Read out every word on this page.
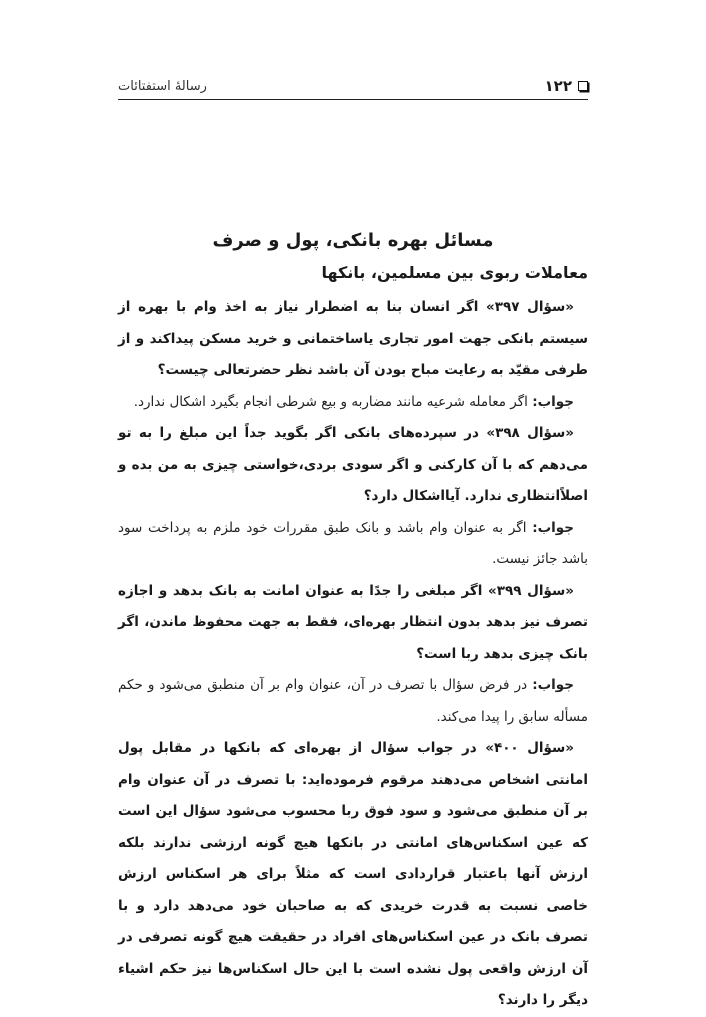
رسالهٔ استفتائات	۱۲۲
مسائل بهره بانکی، پول و صرف
معاملات ربوی بین مسلمین، بانکها

«سؤال ۳۹۷» اگر انسان بنا به اضطرار نیاز به اخذ وام با بهره از سیستم بانکی جهت امور تجاری یاساختمانی و خرید مسکن پیداکند و از طرفی مقیّد به رعایت مباح بودن آن باشد نظر حضرتعالی چیست؟

جواب: اگر معامله شرعیه مانند مضاربه و بیع شرطی انجام بگیرد اشکال ندارد.

«سؤال ۳۹۸» در سپرده‌های بانکی اگر بگوید جداً این مبلغ را به تو می‌دهم که با آن کارکنی و اگر سودی بردی،خواستی چیزی به من بده و اصلاًانتظاری ندارد. آیااشکال دارد؟

جواب: اگر به عنوان وام باشد و بانک طبق مقررات خود ملزم به پرداخت سود باشد جائز نیست.

«سؤال ۳۹۹» اگر مبلغی را جدًا به عنوان امانت به بانک بدهد و اجازه تصرف نیز بدهد بدون انتظار بهره‌ای، فقط به جهت محفوظ ماندن، اگر بانک چیزی بدهد ربا است؟

جواب: در فرض سؤال با تصرف در آن، عنوان وام بر آن منطبق می‌شود و حکم مسأله سابق را پیدا می‌کند.

«سؤال ۴۰۰» در جواب سؤال از بهره‌ای که بانکها در مقابل پول امانتی اشخاص می‌دهند مرقوم فرموده‌اید: با تصرف در آن عنوان وام بر آن منطبق می‌شود و سود فوق ربا محسوب می‌شود سؤال این است که عین اسکناس‌های امانتی در بانکها هیچ گونه ارزشی ندارند بلکه ارزش آنها باعتبار قراردادی است که مثلاً برای هر اسکناس ارزش خاصی نسبت به قدرت خریدی که به صاحبان خود می‌دهد دارد و با تصرف بانک در عین اسکناس‌های افراد در حقیقت هیچ گونه تصرفی در آن ارزش واقعی پول نشده است با این حال اسکناس‌ها نیز حکم اشیاء دیگر را دارند؟
